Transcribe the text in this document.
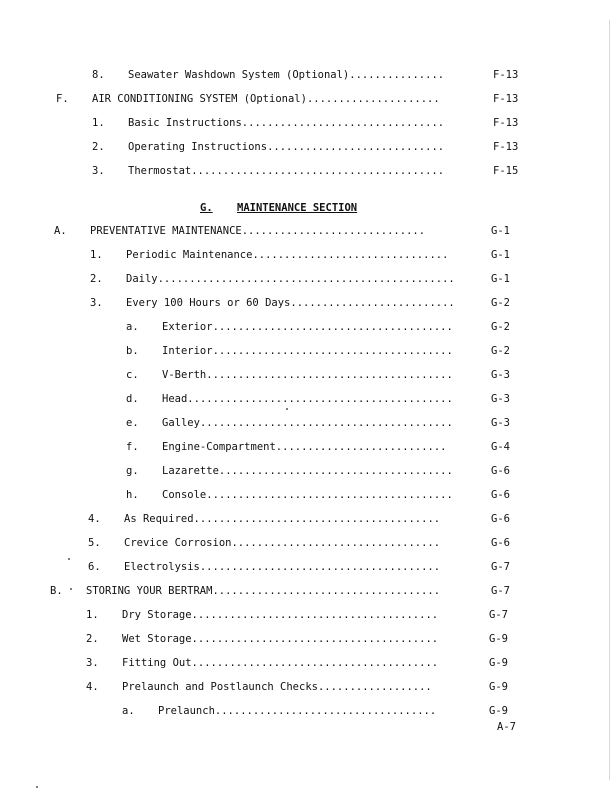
8. Seawater Washdown System (Optional)...............	F-13
F. AIR CONDITIONING SYSTEM (Optional).....................	F-13
1. Basic Instructions................................	F-13
2. Operating Instructions............................	F-13
3. Thermostat........................................	F-15
G. MAINTENANCE SECTION
A. PREVENTATIVE MAINTENANCE.............................	G-1
1. Periodic Maintenance...............................	G-1
2. Daily...............................................	G-1
3. Every 100 Hours or 60 Days..........................	G-2
a. Exterior......................................	G-2
b. Interior......................................	G-2
c. V-Berth.......................................	G-3
d. Head..........................................	G-3
e. Galley........................................	G-3
f. Engine-Compartment...........................	G-4
g. Lazarette.....................................	G-6
h. Console.......................................	G-6
4. As Required.......................................	G-6
5. Crevice Corrosion.................................	G-6
6. Electrolysis......................................	G-7
B. STORING YOUR BERTRAM....................................	G-7
1. Dry Storage.......................................	G-7
2. Wet Storage.......................................	G-9
3. Fitting Out.......................................	G-9
4. Prelaunch and Postlaunch Checks..................	G-9
a. Prelaunch...................................	G-9
A-7
